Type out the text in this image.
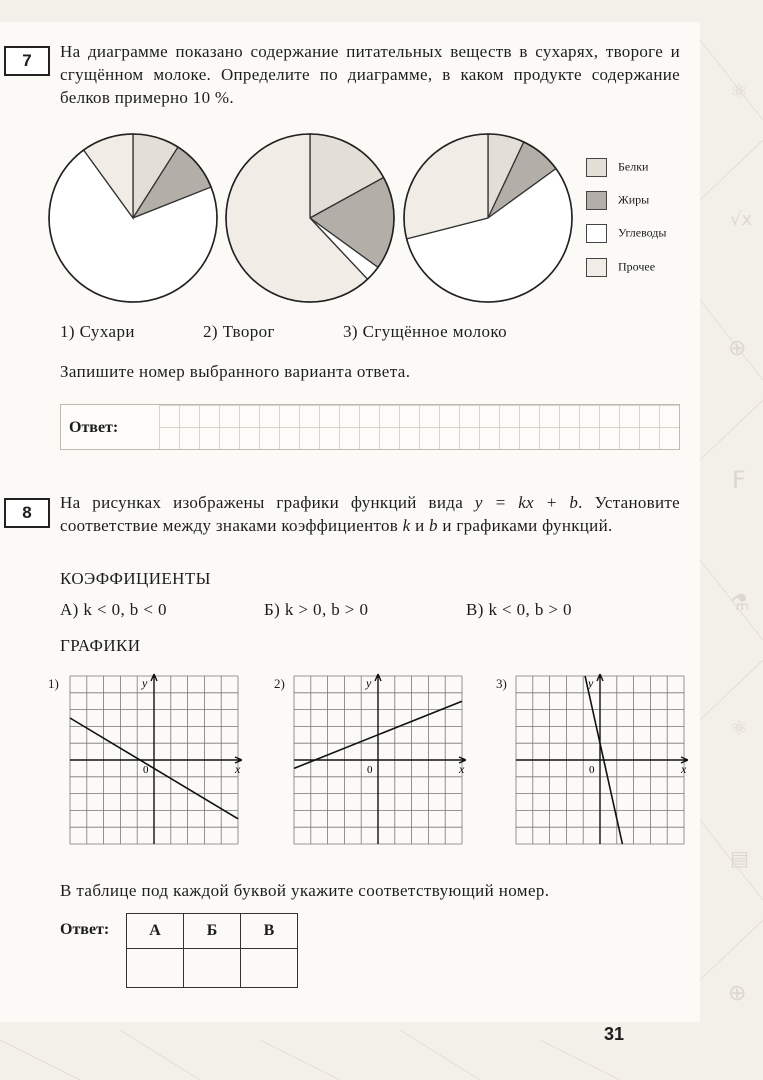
⚛
√x
⊕
F
⚗
⚛
▤
⊕
7	На диаграмме показано содержание питательных веществ в сухарях, твороге и сгущённом молоке. Определите по диаграмме, в каком продукте содержание белков примерно 10 %.
Белки
Жиры
Углеводы
Прочее
1) Сухари	2) Творог	3) Сгущённое молоко
Запишите номер выбранного варианта ответа.
Ответ:
8
На рисунках изображены графики функций вида y = kx + b. Установите соответствие между знаками коэффициентов k и b и графиками функций.
КОЭФФИЦИЕНТЫ
А) k < 0, b < 0	Б) k > 0, b > 0	В) k < 0, b > 0
ГРАФИКИ
1)	2)	3)
x
y
0	x
y
0	x
y
0
В таблице под каждой буквой укажите соответствующий номер.
Ответ: А	Б	В

31
